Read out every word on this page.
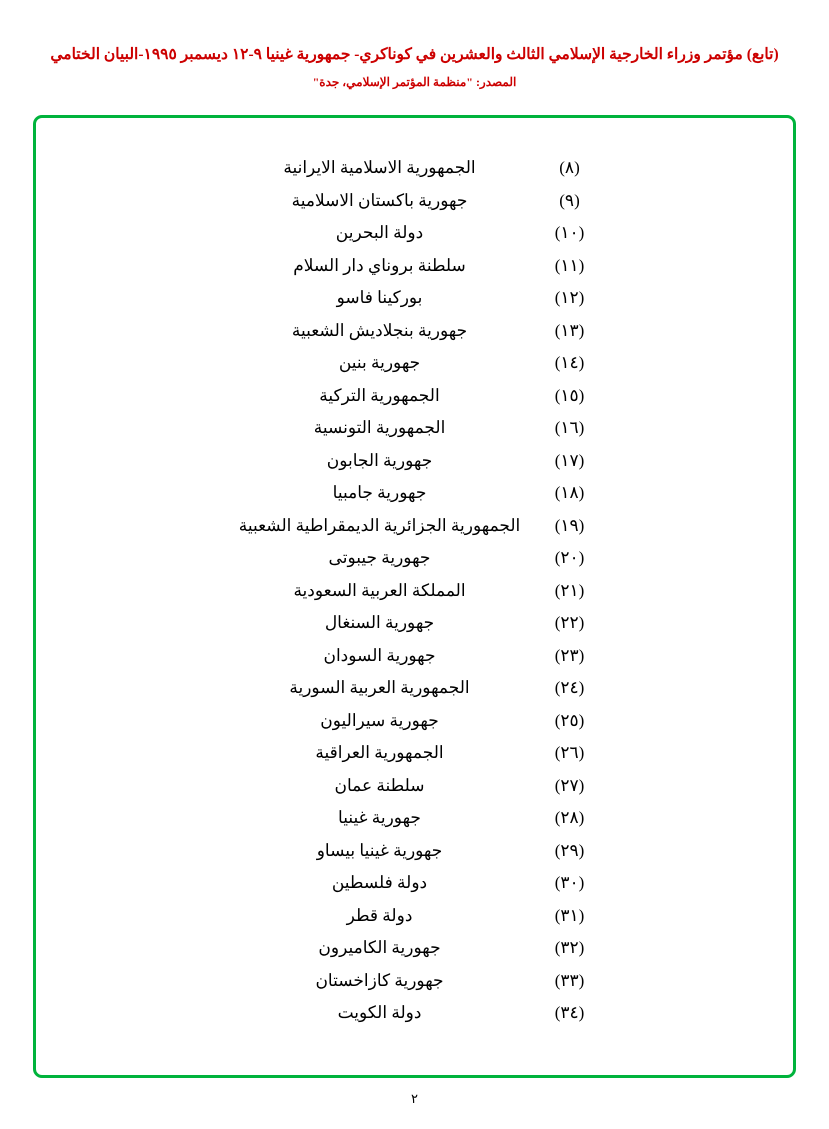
(تابع) مؤتمر وزراء الخارجية الإسلامي الثالث والعشرين في كوناكري- جمهورية غينيا ٩-١٢ ديسمبر ١٩٩٥-البيان الختامي
المصدر: "منظمة المؤتمر الإسلامي، جدة"
(٨)
الجمهورية الاسلامية الايرانية
(٩)
جهورية باكستان الاسلامية
(١٠)
دولة البحرين
(١١)
سلطنة بروناي دار السلام
(١٢)
بوركينا فاسو
(١٣)
جهورية بنجلاديش الشعبية
(١٤)
جهورية بنين
(١٥)
الجمهورية التركية
(١٦)
الجمهورية التونسية
(١٧)
جهورية الجابون
(١٨)
جهورية جامبيا
(١٩)
الجمهورية الجزائرية الديمقراطية الشعبية
(٢٠)
جهورية جيبوتى
(٢١)
المملكة العربية السعودية
(٢٢)
جهورية السنغال
(٢٣)
جهورية السودان
(٢٤)
الجمهورية العربية السورية
(٢٥)
جهورية سيراليون
(٢٦)
الجمهورية العراقية
(٢٧)
سلطنة عمان
(٢٨)
جهورية غينيا
(٢٩)
جهورية غينيا بيساو
(٣٠)
دولة فلسطين
(٣١)
دولة قطر
(٣٢)
جهورية الكاميرون
(٣٣)
جهورية كازاخستان
(٣٤)
دولة الكويت
٢
